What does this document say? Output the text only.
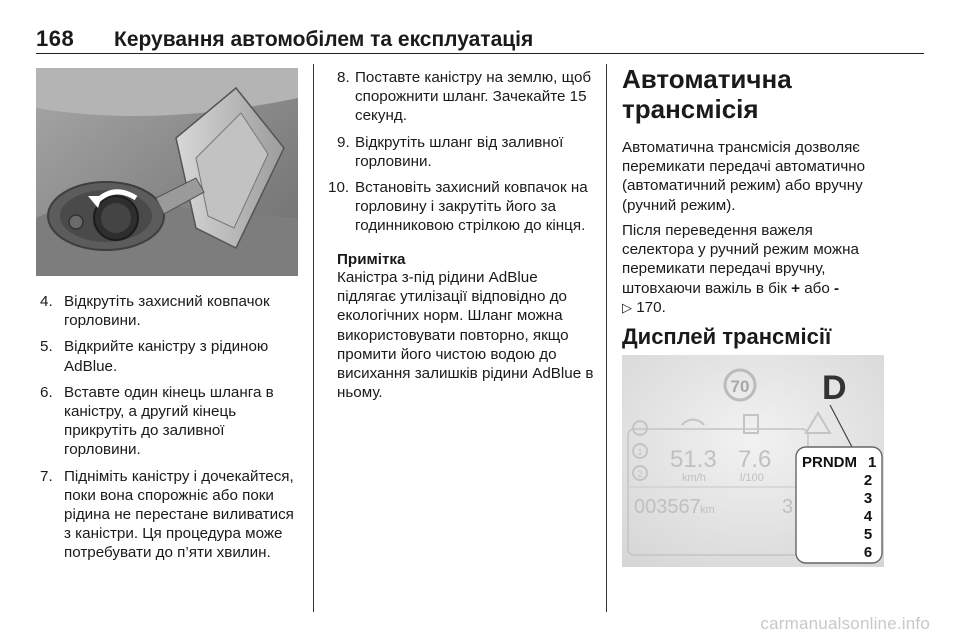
168	Керування автомобілем та експлуатація
4. Відкрутіть захисний ковпачок горловини.
5. Відкрийте каністру з рідиною AdBlue.
6. Вставте один кінець шланга в каністру, а другий кінець прикрутіть до заливної горловини.
7. Підніміть каністру і дочекайтеся, поки вона спорожніє або поки рідина не перестане виливатися з каністри. Ця процедура може потребувати до п’яти хвилин.
8. Поставте каністру на землю, щоб спорожнити шланг. Зачекайте 15 секунд.
9. Відкрутіть шланг від заливної горловини.
10. Встановіть захисний ковпачок на горловину і закрутіть його за годинниковою стрілкою до кінця.
Примітка
Каністра з-під рідини AdBlue підлягає утилізації відповідно до екологічних норм. Шланг можна використовувати повторно, якщо промити його чистою водою до висихання залишків рідини AdBlue в ньому.
Автоматична трансмісія

Автоматична трансмісія дозволяє перемикати передачі автоматично (автоматичний режим) або вручну (ручний режим).

Після переведення важеля селектора у ручний режим можна перемикати передачі вручну, штовхаючи важіль в бік + або -
▷ 170.

Дисплей трансмісії
70 D
1
2
51.3
km/h
7.6
l/100
003567 km	3
PRNDM 1
2
3
4
5
6
carmanualsonline.info
